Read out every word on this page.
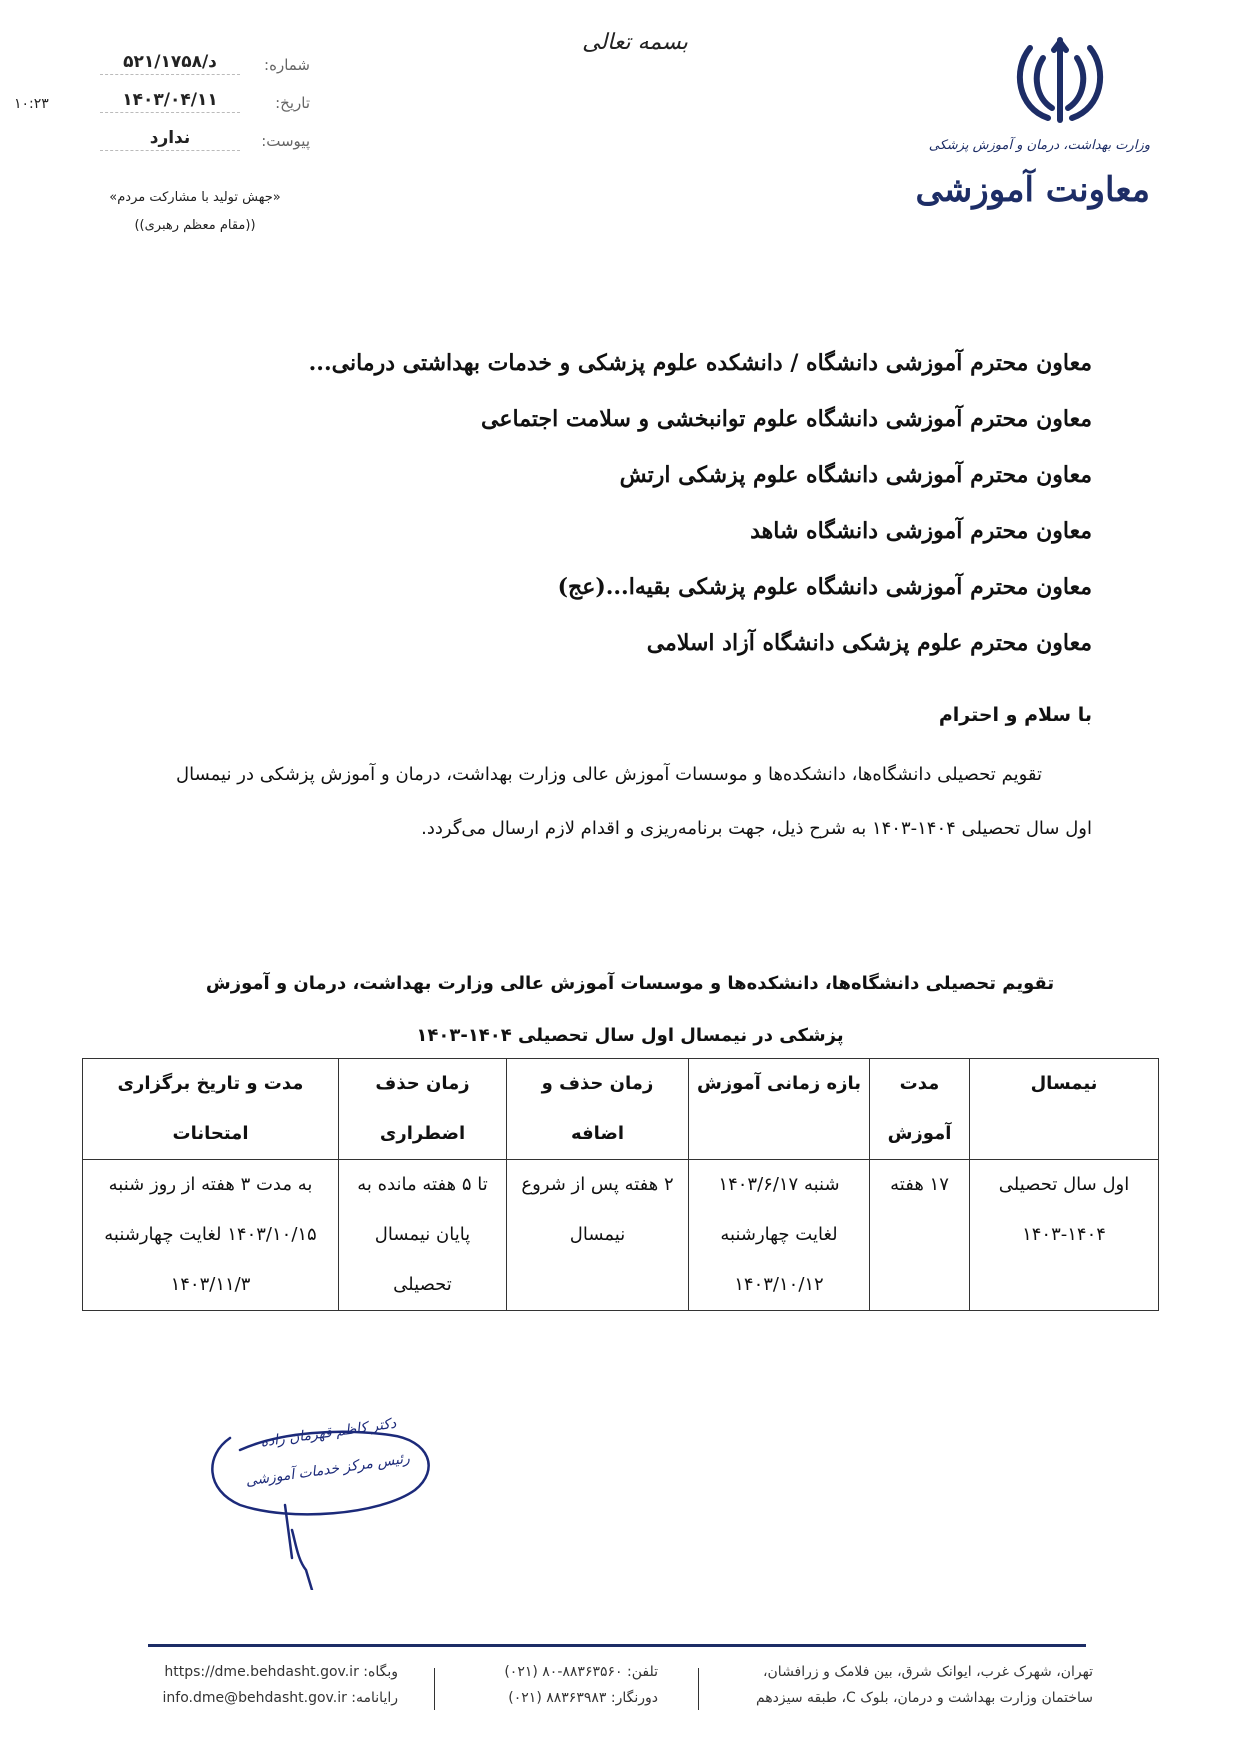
بسمه تعالی
وزارت بهداشت، درمان و آموزش پزشکی
معاونت آموزشی
شماره:
د/۵۲۱/۱۷۵۸
تاریخ:
۱۴۰۳/۰۴/۱۱
پیوست:
ندارد
۱۰:۲۳
«جهش تولید با مشارکت مردم»
((مقام معظم رهبری))
معاون محترم آموزشی دانشگاه / دانشکده علوم پزشکی و خدمات بهداشتی درمانی...
معاون محترم آموزشی دانشگاه علوم توانبخشی و سلامت اجتماعی
معاون محترم آموزشی دانشگاه علوم پزشکی ارتش
معاون محترم آموزشی دانشگاه شاهد
معاون محترم آموزشی دانشگاه علوم پزشکی بقیه‌ا...(عج)
معاون محترم علوم پزشکی دانشگاه آزاد اسلامی
با سلام و احترام
تقویم تحصیلی دانشگاه‌ها، دانشکده‌ها و موسسات آموزش عالی وزارت بهداشت، درمان و آموزش پزشکی در نیمسال اول سال تحصیلی ۱۴۰۴-۱۴۰۳ به شرح ذیل، جهت برنامه‌ریزی و اقدام لازم ارسال می‌گردد.
تقویم تحصیلی دانشگاه‌ها، دانشکده‌ها و موسسات آموزش عالی وزارت بهداشت، درمان و آموزش
پزشکی در نیمسال اول سال تحصیلی ۱۴۰۴-۱۴۰۳
نیمسال	مدت آموزش	بازه زمانی آموزش	زمان حذف و اضافه	زمان حذف اضطراری	مدت و تاریخ برگزاری امتحانات
اول سال تحصیلی ۱۴۰۴-۱۴۰۳	۱۷ هفته	شنبه ۱۴۰۳/۶/۱۷ لغایت چهارشنبه ۱۴۰۳/۱۰/۱۲	۲ هفته پس از شروع نیمسال	تا ۵ هفته مانده به پایان نیمسال تحصیلی	به مدت ۳ هفته از روز شنبه ۱۴۰۳/۱۰/۱۵ لغایت چهارشنبه ۱۴۰۳/۱۱/۳
دکتر کاظم قهرمان زاده
رئیس مرکز خدمات آموزشی
تهران، شهرک غرب، ایوانک شرق، بین فلامک و زرافشان،
ساختمان وزارت بهداشت و درمان، بلوک C، طبقه سیزدهم
تلفن: ۸۸۳۶۳۵۶۰-۸۰ (۰۲۱)
دورنگار: ۸۸۳۶۳۹۸۳ (۰۲۱)
وبگاه: https://dme.behdasht.gov.ir
رایانامه: info.dme@behdasht.gov.ir
